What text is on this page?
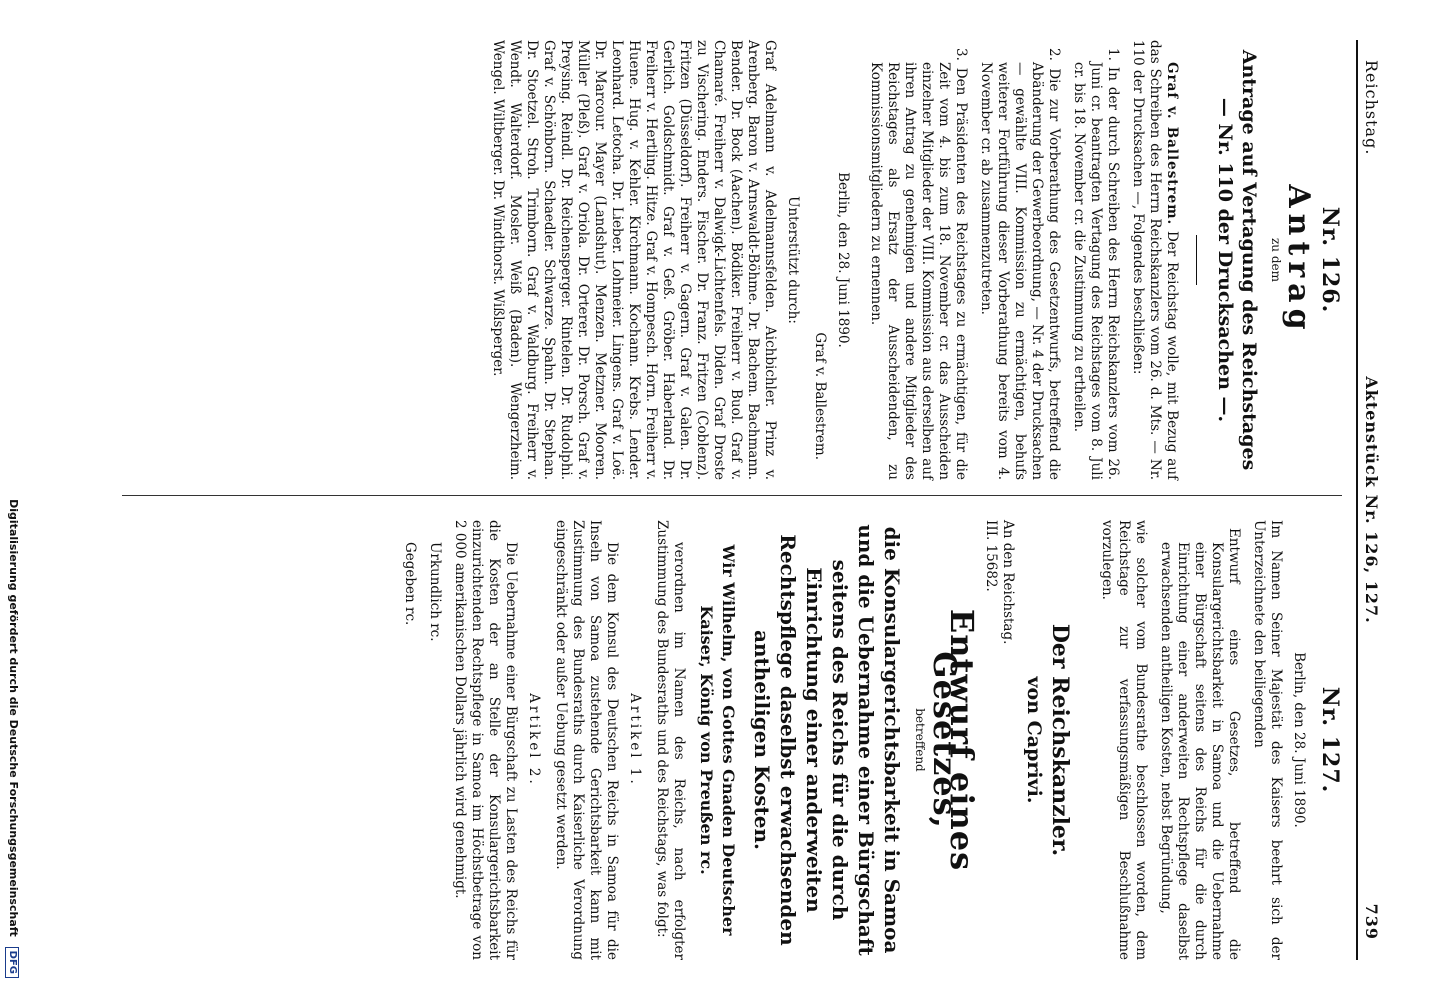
Digitalisierung gefördert durch die Deutsche Forschungsgemeinschaft DFG
Reichstag.
Aktenstück Nr. 126, 127.
739
Nr. 126.
Antrag
zu dem
Antrage auf Vertagung des Reichstages — Nr. 110 der Drucksachen —.

Graf v. Ballestrem. Der Reichstag wolle, mit Bezug auf das Schreiben des Herrn Reichskanzlers vom 26. d. Mts. — Nr. 110 der Drucksachen —, Folgendes beschließen:

1. In der durch Schreiben des Herrn Reichskanzlers vom 26. Juni cr. beantragten Vertagung des Reichstages vom 8. Juli cr. bis 18. November cr. die Zustimmung zu ertheilen.
2. Die zur Vorberathung des Gesetzentwurfs, betreffend die Abänderung der Gewerbeordnung, — Nr. 4 der Drucksachen — gewählte VIII. Kommission zu ermächtigen, behufs weiterer Fortführung dieser Vorberathung bereits vom 4. November cr. ab zusammenzutreten.
3. Den Präsidenten des Reichstages zu ermächtigen, für die Zeit vom 4. bis zum 18. November cr. das Ausscheiden einzelner Mitglieder der VIII. Kommission aus derselben auf ihren Antrag zu genehmigen und andere Mitglieder des Reichstages als Ersatz der Ausscheidenden, zu Kommissionsmitgliedern zu ernennen.
Berlin, den 28. Juni 1890.
Graf v. Ballestrem.
Unterstützt durch:

Graf Adelmann v. Adelmannsfelden. Aichbichler. Prinz v. Arenberg. Baron v. Arnswaldt-Böhme. Dr. Bachem. Bachmann. Bender. Dr. Bock (Aachen). Bödiker. Freiherr v. Buol. Graf v. Chamaré. Freiherr v. Dalwigk-Lichtenfels. Diden. Graf Droste zu Vischering. Enders. Fischer. Dr. Franz. Fritzen (Coblenz). Fritzen (Düsseldorf). Freiherr v. Gagern. Graf v. Galen. Dr. Gerlich. Goldschmidt. Graf v. Geß. Gröber. Haberland. Dr. Freiherr v. Hertling. Hitze. Graf v. Hompesch. Horn. Freiherr v. Huene. Hug. v. Kehler. Kirchmann. Kochann. Krebs. Lender. Leonhard. Letocha. Dr. Lieber. Lohmeier. Lingens. Graf v. Loë. Dr. Marcour. Mayer (Landshut). Menzen. Metzner. Mooren. Müller (Pleß). Graf v. Oriola. Dr. Orterer. Dr. Porsch. Graf v. Preysing. Reindl. Dr. Reichensperger. Rintelen. Dr. Rudolphi. Graf v. Schönborn. Schaedler. Schwarze. Spahn. Dr. Stephan. Dr. Stoetzel. Stroh. Trimborn. Graf v. Waldburg. Freiherr v. Wendt. Walterdorf. Mosler. Weiß (Baden). Wengerzheim. Wengel. Wiltberger. Dr. Windthorst. Wißlsperger.

Nr. 127.
Berlin, den 28. Juni 1890.

Im Namen Seiner Majestät des Kaisers beehrt sich der Unterzeichnete den beiliegenden

Entwurf eines Gesetzes, betreffend die Konsulargerichtsbarkeit in Samoa und die Uebernahme einer Bürgschaft seitens des Reichs für die durch Einrichtung einer anderweiten Rechtspflege daselbst erwachsenden antheiligen Kosten, nebst Begründung,

wie solcher vom Bundesrathe beschlossen worden, dem Reichstage zur verfassungsmäßigen Beschlußnahme vorzulegen.

Der Reichskanzler.
von Caprivi.

An den Reichstag.

III. 15682.

Entwurf eines Gesetzes,
betreffend
die Konsulargerichtsbarkeit in Samoa und die Uebernahme einer Bürgschaft seitens des Reichs für die durch Einrichtung einer anderweiten Rechtspflege daselbst erwachsenden antheiligen Kosten.

Wir Wilhelm, von Gottes Gnaden Deutscher Kaiser, König von Preußen rc.

verordnen im Namen des Reichs, nach erfolgter Zustimmung des Bundesraths und des Reichstags, was folgt:

Artikel 1.

Die dem Konsul des Deutschen Reichs in Samoa für die Inseln von Samoa zustehende Gerichtsbarkeit kann mit Zustimmung des Bundesraths durch Kaiserliche Verordnung eingeschränkt oder außer Uebung gesetzt werden.

Artikel 2.

Die Uebernahme einer Bürgschaft zu Lasten des Reichs für die Kosten der an Stelle der Konsulargerichtsbarkeit einzurichtenden Rechtspflege in Samoa im Höchstbetrage von 2 000 amerikanischen Dollars jährlich wird genehmigt.

Urkundlich rc.

Gegeben rc.
